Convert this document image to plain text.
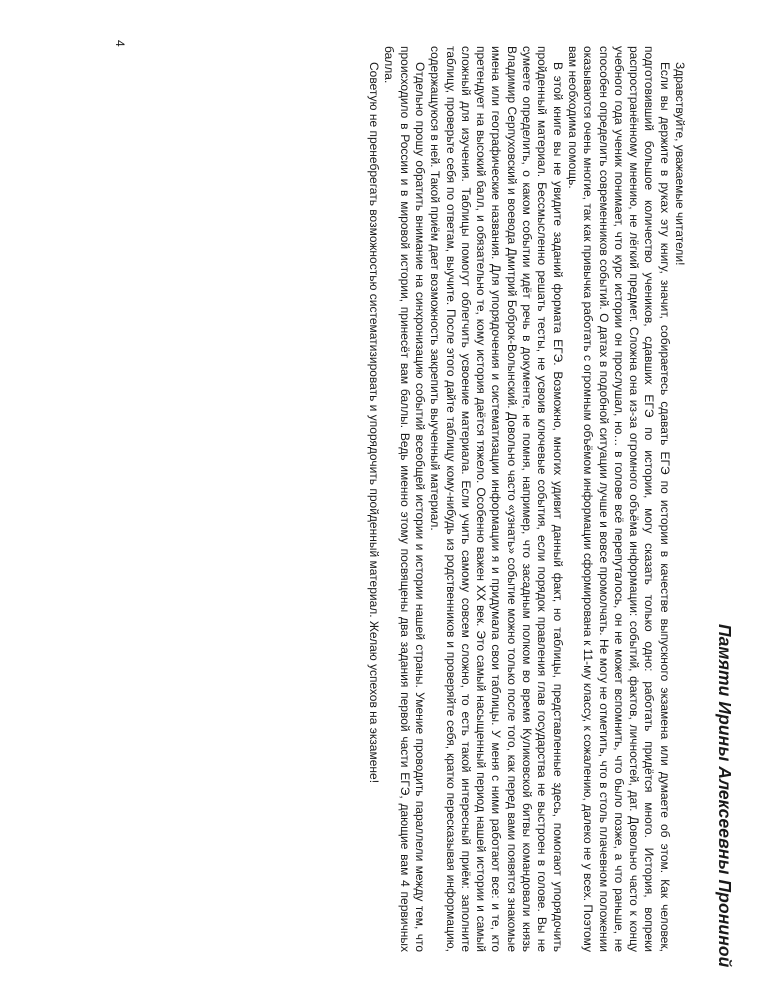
Памяти Ирины Алексеевны Прониной

Здравствуйте, уважаемые читатели!

Если вы держите в руках эту книгу, значит, собираетесь сдавать ЕГЭ по истории в качестве выпускного экзамена или думаете об этом. Как человек, подготовивший большое количество учеников, сдавших ЕГЭ по истории, могу сказать только одно: работать придётся много. История, вопреки распространённому мнению, не лёгкий предмет. Сложна она из-за огромного объёма информации: событий, фактов, личностей, дат. Довольно часто к концу учебного года ученик понимает, что курс истории он прослушал, но… в голове всё перепуталось, он не может вспомнить, что было позже, а что раньше, не способен определить современников событий. О датах в подобной ситуации лучше и вовсе промолчать. Не могу не отметить, что в столь плачевном положении оказываются очень многие, так как привычка работать с огромным объёмом информации сформирована к 11-му классу, к сожалению, далеко не у всех. Поэтому вам необходима помощь.

В этой книге вы не увидите заданий формата ЕГЭ. Возможно, многих удивит данный факт, но таблицы, представленные здесь, помогают упорядочить пройденный материал. Бессмысленно решать тесты, не усвоив ключевые события, если порядок правления глав государства не выстроен в голове. Вы не сумеете определить, о каком событии идёт речь в документе, не помня, например, что засадным полком во время Куликовской битвы командовали князь Владимир Серпуховский и воевода Дмитрий Боброк-Волынский. Довольно часто «узнать» событие можно только после того, как перед вами появятся знакомые имена или географические названия. Для упорядочения и систематизации информации я и придумала свои таблицы. У меня с ними работают все: и те, кто претендует на высокий балл, и обязательно те, кому история даётся тяжело. Особенно важен XX век. Это самый насыщенный период нашей истории и самый сложный для изучения. Таблицы помогут облегчить усвоение материала. Если учить самому совсем сложно, то есть такой интересный приём: заполните таблицу, проверьте себя по ответам, выучите. После этого дайте таблицу кому-нибудь из родственников и проверяйте себя, кратко пересказывая информацию, содержащуюся в ней. Такой приём дает возможность закрепить выученный материал.

Отдельно прошу обратить внимание на синхронизацию событий всеобщей истории и истории нашей страны. Умение проводить параллели между тем, что происходило в России и в мировой истории, принесёт вам баллы. Ведь именно этому посвящены два задания первой части ЕГЭ, дающие вам 4 первичных балла.

Советую не пренебрегать возможностью систематизировать и упорядочить пройденный материал. Желаю успехов на экзамене!

4
